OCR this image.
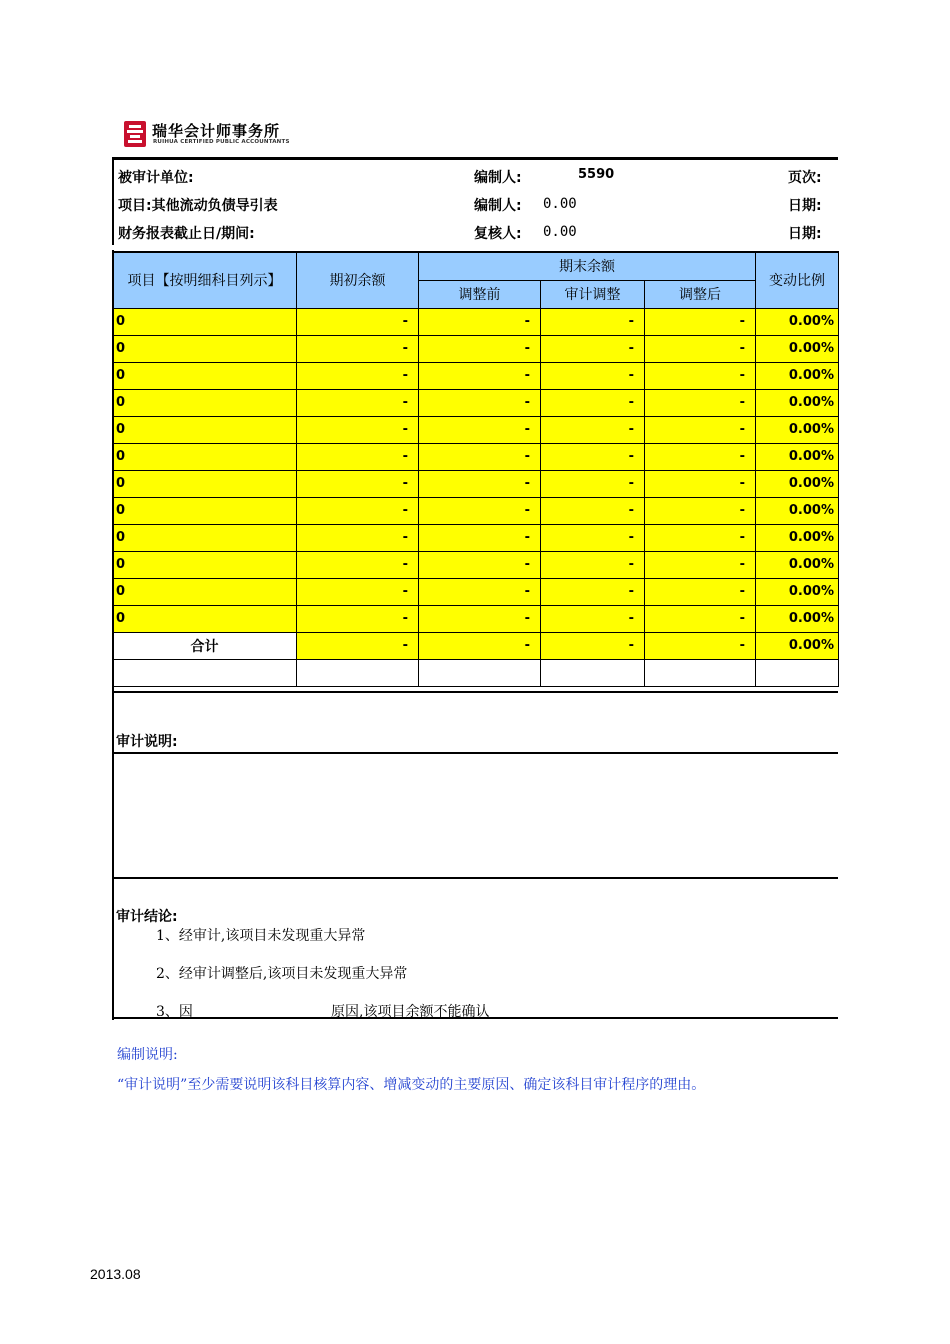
瑞华会计师事务所
RUIHUA CERTIFIED PUBLIC ACCOUNTANTS
被审计单位:	编制人:	5590	页次:
项目:其他流动负债导引表	编制人: 0.00	日期:
财务报表截止日/期间:	复核人: 0.00	日期:
项目【按明细科目列示】	期初余额	期末余额			变动比例
		调整前	审计调整	调整后	
0	-	-	-	-	0.00%
0	-	-	-	-	0.00%
0	-	-	-	-	0.00%
0	-	-	-	-	0.00%
0	-	-	-	-	0.00%
0	-	-	-	-	0.00%
0	-	-	-	-	0.00%
0	-	-	-	-	0.00%
0	-	-	-	-	0.00%
0	-	-	-	-	0.00%
0	-	-	-	-	0.00%
0	-	-	-	-	0.00%
合计	-	-	-	-	0.00%

审计说明:
审计结论:
1、经审计,该项目未发现重大异常
2、经审计调整后,该项目未发现重大异常
3、因	原因,该项目余额不能确认
编制说明:
“审计说明”至少需要说明该科目核算内容、增减变动的主要原因、确定该科目审计程序的理由。
2013.08
